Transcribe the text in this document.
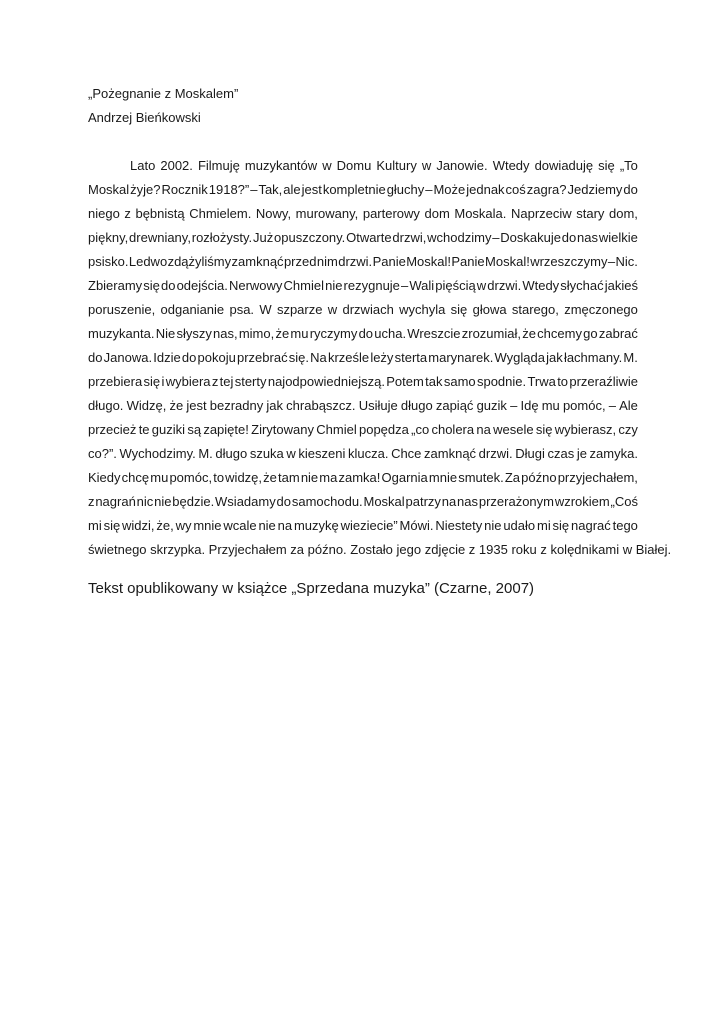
„Pożegnanie z Moskalem”

Andrzej Bieńkowski

Lato 2002. Filmuję muzykantów w Domu Kultury w Janowie. Wtedy dowiaduję się „To
Moskal żyje? Rocznik 1918?” – Tak, ale jest kompletnie głuchy – Może jednak coś zagra? Jedziemy do
niego z bębnistą Chmielem. Nowy, murowany, parterowy dom Moskala. Naprzeciw stary dom,
piękny, drewniany, rozłożysty. Już opuszczony. Otwarte drzwi, wchodzimy – Doskakuje do nas wielkie
psisko. Ledwo zdążyliśmy zamknąć przed nim drzwi. Panie Moskal! Panie Moskal! wrzeszczymy – Nic.
Zbieramy się do odejścia. Nerwowy Chmiel nie rezygnuje – Wali pięścią w drzwi. Wtedy słychać jakieś
poruszenie, odganianie psa. W szparze w drzwiach wychyla się głowa starego, zmęczonego
muzykanta. Nie słyszy nas, mimo, że mu ryczymy do ucha. Wreszcie zrozumiał, że chcemy go zabrać
do Janowa. Idzie do pokoju przebrać się. Na krześle leży sterta marynarek. Wygląda jak łachmany. M.
przebiera się i wybiera z tej sterty najodpowiedniejszą. Potem tak samo spodnie. Trwa to przeraźliwie
długo. Widzę, że jest bezradny jak chrabąszcz. Usiłuje długo zapiąć guzik – Idę mu pomóc, – Ale
przecież te guziki są zapięte! Zirytowany Chmiel popędza „co cholera na wesele się wybierasz, czy
co?”. Wychodzimy. M. długo szuka w kieszeni klucza. Chce zamknąć drzwi. Długi czas je zamyka.
Kiedy chcę mu pomóc, to widzę, że tam nie ma zamka! Ogarnia mnie smutek. Za późno przyjechałem,
z nagrań nic nie będzie. Wsiadamy do samochodu. Moskal patrzy na nas przerażonym wzrokiem „Coś
mi się widzi, że, wy mnie wcale nie na muzykę wieziecie” Mówi. Niestety nie udało mi się nagrać tego
świetnego skrzypka. Przyjechałem za późno. Zostało jego zdjęcie z 1935 roku z kolędnikami w Białej.

Tekst opublikowany w książce „Sprzedana muzyka” (Czarne, 2007)
